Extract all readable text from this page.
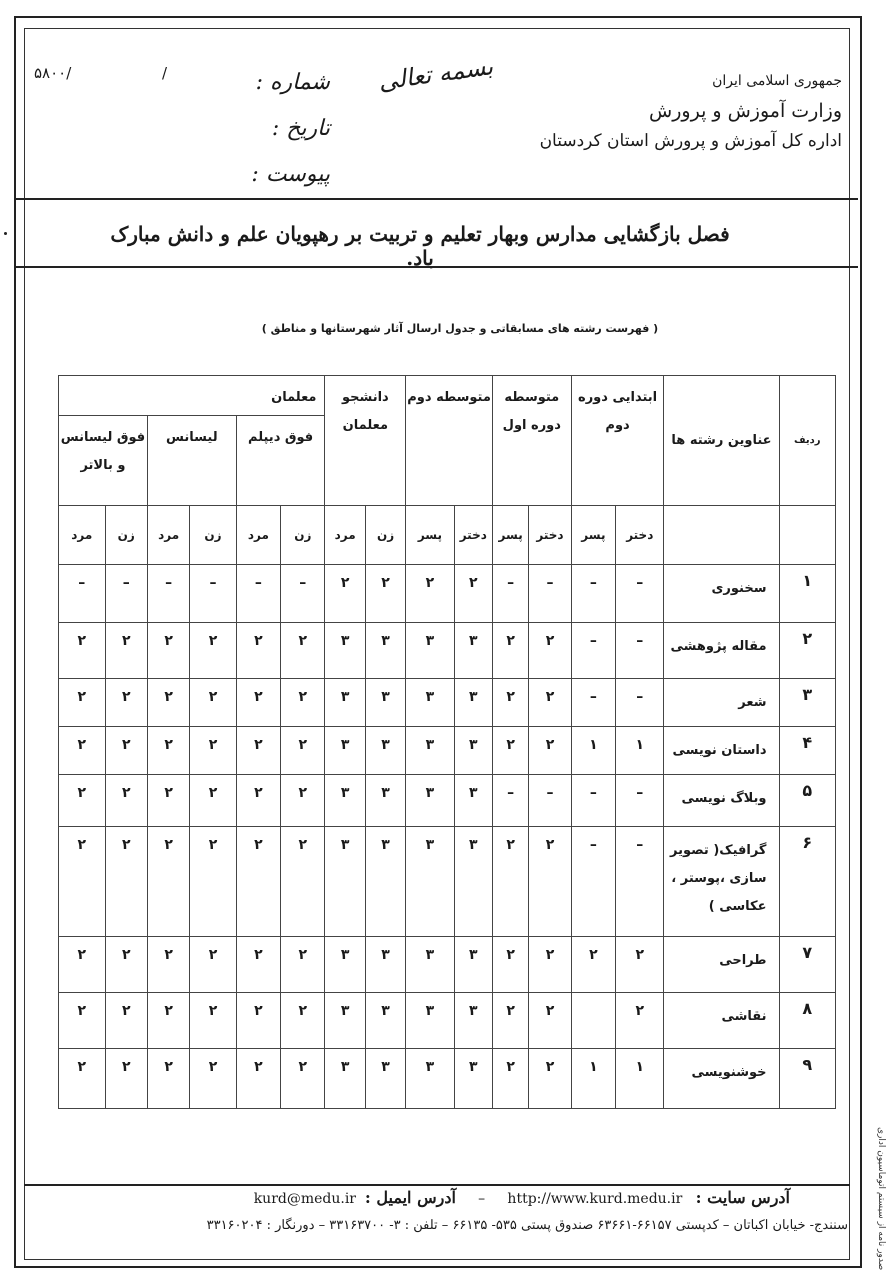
جمهوری اسلامی ایران
وزارت آموزش و پرورش
اداره کل آموزش و پرورش استان کردستان
بسمه تعالی
شماره :
تاریخ :
پیوست :
۵۸۰۰/	/
فصل بازگشایی مدارس وبهار تعلیم و تربیت بر رهپویان علم و دانش مبارک باد.
( فهرست رشته های مسابقاتی و جدول ارسال آثار شهرستانها و مناطق )
ردیف	عناوین رشته ها	ابتدایی دوره دوم		متوسطه دوره اول		متوسطه دوم		دانشجو معلمان		معلمان					
										فوق دیپلم		لیسانس		فوق لیسانس و بالاتر	
		دختر	پسر	دختر	پسر	دختر	پسر	زن	مرد	زن	مرد	زن	مرد	زن	مرد
۱	سخنوری	–	–	–	–	۲	۲	۲	۲	–	–	–	–	–	–
۲	مقاله پژوهشی	–	–	۲	۲	۳	۳	۳	۳	۲	۲	۲	۲	۲	۲
۳	شعر	–	–	۲	۲	۳	۳	۳	۳	۲	۲	۲	۲	۲	۲
۴	داستان نویسی	۱	۱	۲	۲	۳	۳	۳	۳	۲	۲	۲	۲	۲	۲
۵	وبلاگ نویسی	–	–	–	–	۳	۳	۳	۳	۲	۲	۲	۲	۲	۲
۶	گرافیک( تصویر سازی ،پوستر ، عکاسی )	–	–	۲	۲	۳	۳	۳	۳	۲	۲	۲	۲	۲	۲
۷	طراحی	۲	۲	۲	۲	۳	۳	۳	۳	۲	۲	۲	۲	۲	۲
۸	نقاشی	۲		۲	۲	۳	۳	۳	۳	۲	۲	۲	۲	۲	۲
۹	خوشنویسی	۱	۱	۲	۲	۳	۳	۳	۳	۲	۲	۲	۲	۲	۲
آدرس سایت :   http://www.kurd.medu.ir     –     آدرس ایمیل :  kurd@medu.ir
سنندج- خیابان اکباتان – کدپستی ۶۶۱۵۷-۶۳۶۶۱ صندوق پستی ۵۳۵- ۶۶۱۳۵ – تلفن : ۳- ۳۳۱۶۳۷۰۰ – دورنگار : ۳۳۱۶۰۲۰۴	صدور نامه از سیستم اتوماسیون اداری
